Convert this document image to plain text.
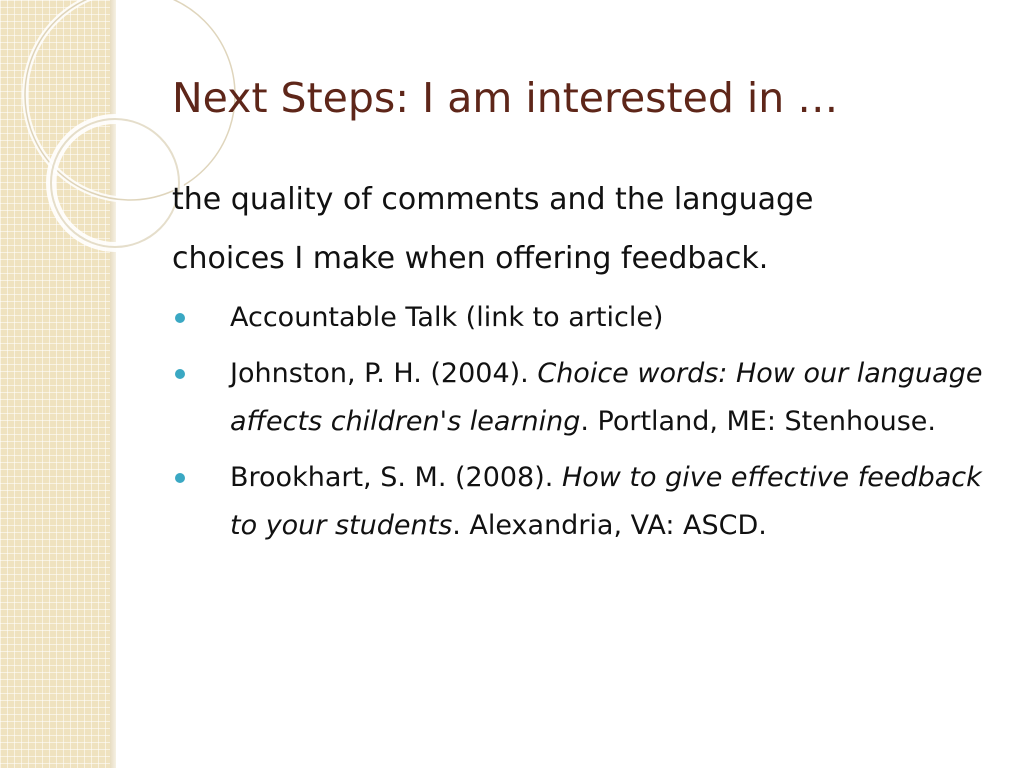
Next Steps: I am interested in …

the quality of comments and the language

choices I make when offering feedback.

Accountable Talk (link to article)
Johnston, P. H. (2004). Choice words: How our language affects children's learning. Portland, ME: Stenhouse.
Brookhart, S. M. (2008). How to give effective feedback to your students. Alexandria, VA: ASCD.
